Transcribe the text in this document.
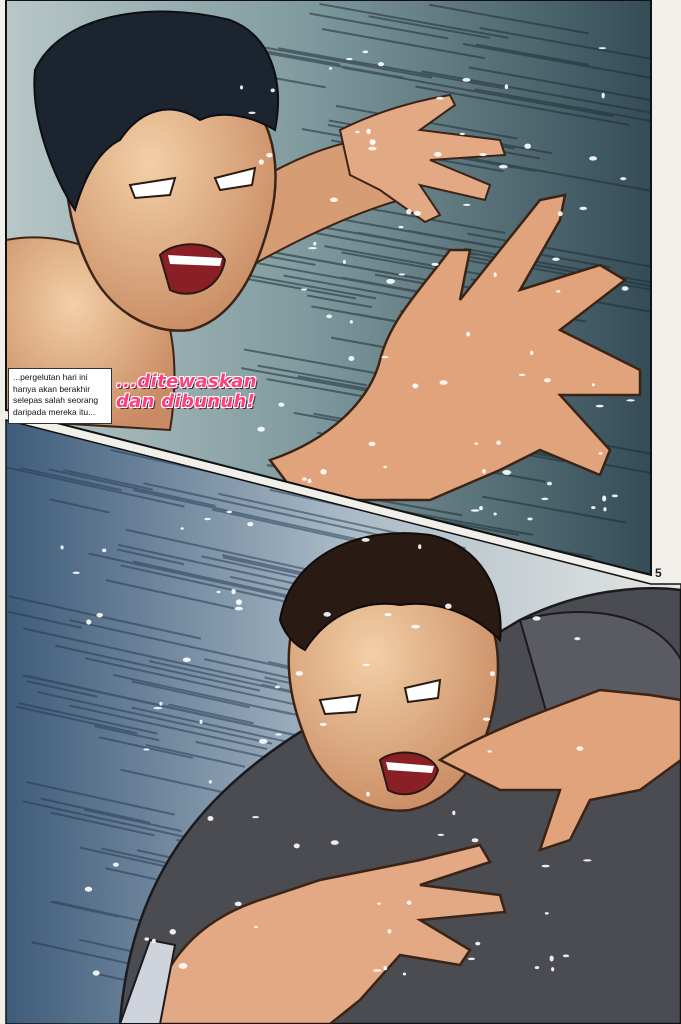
...pergelutan hari ini
hanya akan berakhir
selepas salah seorang
daripada mereka itu...
...ditewaskan
dan dibunuh!
5
